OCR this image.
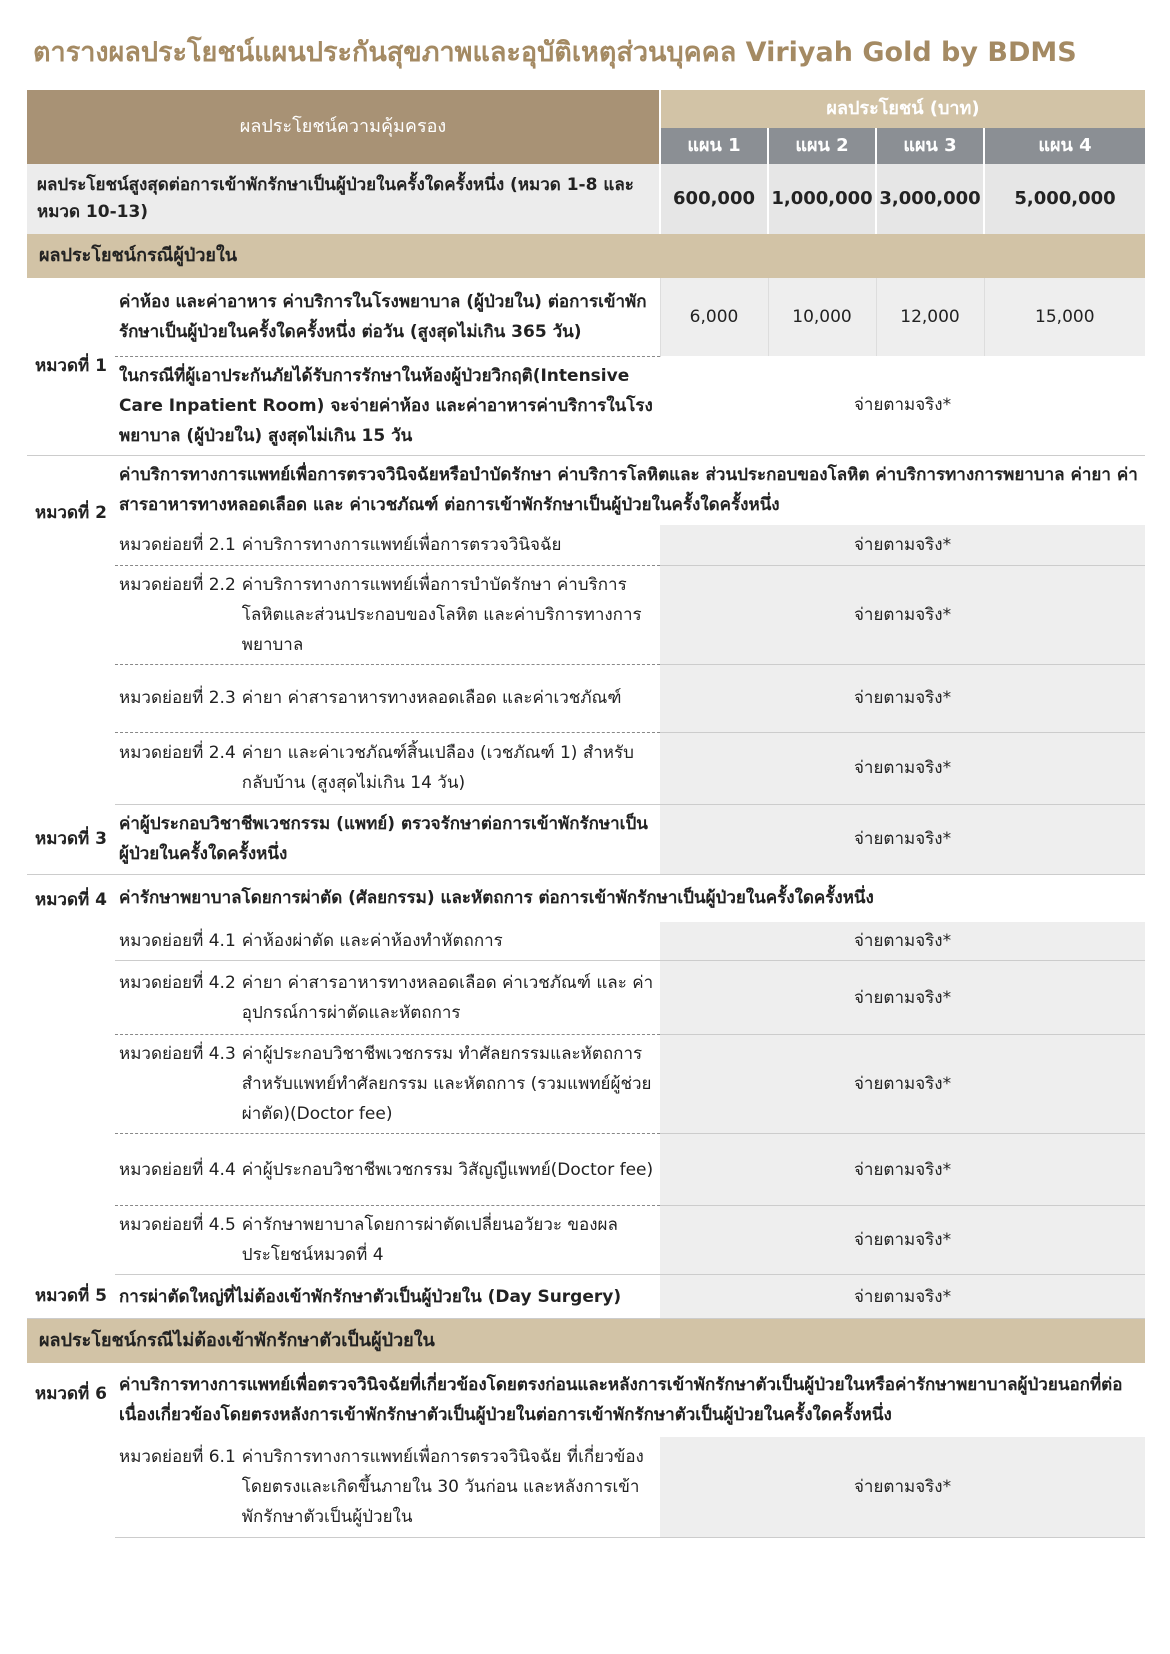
ตารางผลประโยชน์แผนประกันสุขภาพและอุบัติเหตุส่วนบุคคล Viriyah Gold by BDMS
ผลประโยชน์ความคุ้มครอง		ผลประโยชน์ (บาท)			
		แผน 1	แผน 2	แผน 3	แผน 4
ผลประโยชน์สูงสุดต่อการเข้าพักรักษาเป็นผู้ป่วยในครั้งใดครั้งหนึ่ง (หมวด 1-8 และหมวด 10-13)		600,000	1,000,000	3,000,000	5,000,000
ผลประโยชน์กรณีผู้ป่วยใน					
หมวดที่ 1	ค่าห้อง และค่าอาหาร ค่าบริการในโรงพยาบาล (ผู้ป่วยใน) ต่อการเข้าพักรักษาเป็นผู้ป่วยในครั้งใดครั้งหนึ่ง ต่อวัน (สูงสุดไม่เกิน 365 วัน)	6,000	10,000	12,000	15,000
	ในกรณีที่ผู้เอาประกันภัยได้รับการรักษาในห้องผู้ป่วยวิกฤติ(Intensive Care Inpatient Room) จะจ่ายค่าห้อง และค่าอาหารค่าบริการในโรงพยาบาล (ผู้ป่วยใน) สูงสุดไม่เกิน 15 วัน	จ่ายตามจริง*			
หมวดที่ 2	ค่าบริการทางการแพทย์เพื่อการตรวจวินิจฉัยหรือบำบัดรักษา ค่าบริการโลหิตและ ส่วนประกอบของโลหิต ค่าบริการทางการพยาบาล ค่ายา ค่าสารอาหารทางหลอดเลือด และ ค่าเวชภัณฑ์ ต่อการเข้าพักรักษาเป็นผู้ป่วยในครั้งใดครั้งหนึ่ง				

	หมวดย่อยที่ 2.1 ค่าบริการทางการแพทย์เพื่อการตรวจวินิจฉัย	จ่ายตามจริง*			

	หมวดย่อยที่ 2.2 ค่าบริการทางการแพทย์เพื่อการบำบัดรักษา ค่าบริการโลหิตและส่วนประกอบของโลหิต และค่าบริการทางการพยาบาล	จ่ายตามจริง*			

	หมวดย่อยที่ 2.3 ค่ายา ค่าสารอาหารทางหลอดเลือด และค่าเวชภัณฑ์	จ่ายตามจริง*			

	หมวดย่อยที่ 2.4 ค่ายา และค่าเวชภัณฑ์สิ้นเปลือง (เวชภัณฑ์ 1) สำหรับกลับบ้าน (สูงสุดไม่เกิน 14 วัน)	จ่ายตามจริง*			
หมวดที่ 3	ค่าผู้ประกอบวิชาชีพเวชกรรม (แพทย์) ตรวจรักษาต่อการเข้าพักรักษาเป็นผู้ป่วยในครั้งใดครั้งหนึ่ง	จ่ายตามจริง*			
หมวดที่ 4	ค่ารักษาพยาบาลโดยการผ่าตัด (ศัลยกรรม) และหัตถการ ต่อการเข้าพักรักษาเป็นผู้ป่วยในครั้งใดครั้งหนึ่ง				

	หมวดย่อยที่ 4.1 ค่าห้องผ่าตัด และค่าห้องทำหัตถการ	จ่ายตามจริง*			

	หมวดย่อยที่ 4.2 ค่ายา ค่าสารอาหารทางหลอดเลือด ค่าเวชภัณฑ์ และ ค่าอุปกรณ์การผ่าตัดและหัตถการ	จ่ายตามจริง*			

	หมวดย่อยที่ 4.3 ค่าผู้ประกอบวิชาชีพเวชกรรม ทำศัลยกรรมและหัตถการสำหรับแพทย์ทำศัลยกรรม และหัตถการ (รวมแพทย์ผู้ช่วยผ่าตัด)(Doctor fee)	จ่ายตามจริง*			

	หมวดย่อยที่ 4.4 ค่าผู้ประกอบวิชาชีพเวชกรรม วิสัญญีแพทย์(Doctor fee)	จ่ายตามจริง*			

	หมวดย่อยที่ 4.5 ค่ารักษาพยาบาลโดยการผ่าตัดเปลี่ยนอวัยวะ ของผลประโยชน์หมวดที่ 4	จ่ายตามจริง*			
หมวดที่ 5	การผ่าตัดใหญ่ที่ไม่ต้องเข้าพักรักษาตัวเป็นผู้ป่วยใน (Day Surgery)	จ่ายตามจริง*			
ผลประโยชน์กรณีไม่ต้องเข้าพักรักษาตัวเป็นผู้ป่วยใน					
หมวดที่ 6	ค่าบริการทางการแพทย์เพื่อตรวจวินิจฉัยที่เกี่ยวข้องโดยตรงก่อนและหลังการเข้าพักรักษาตัวเป็นผู้ป่วยในหรือค่ารักษาพยาบาลผู้ป่วยนอกที่ต่อเนื่องเกี่ยวข้องโดยตรงหลังการเข้าพักรักษาตัวเป็นผู้ป่วยในต่อการเข้าพักรักษาตัวเป็นผู้ป่วยในครั้งใดครั้งหนึ่ง				

	หมวดย่อยที่ 6.1 ค่าบริการทางการแพทย์เพื่อการตรวจวินิจฉัย ที่เกี่ยวข้องโดยตรงและเกิดขึ้นภายใน 30 วันก่อน และหลังการเข้าพักรักษาตัวเป็นผู้ป่วยใน	จ่ายตามจริง*			
